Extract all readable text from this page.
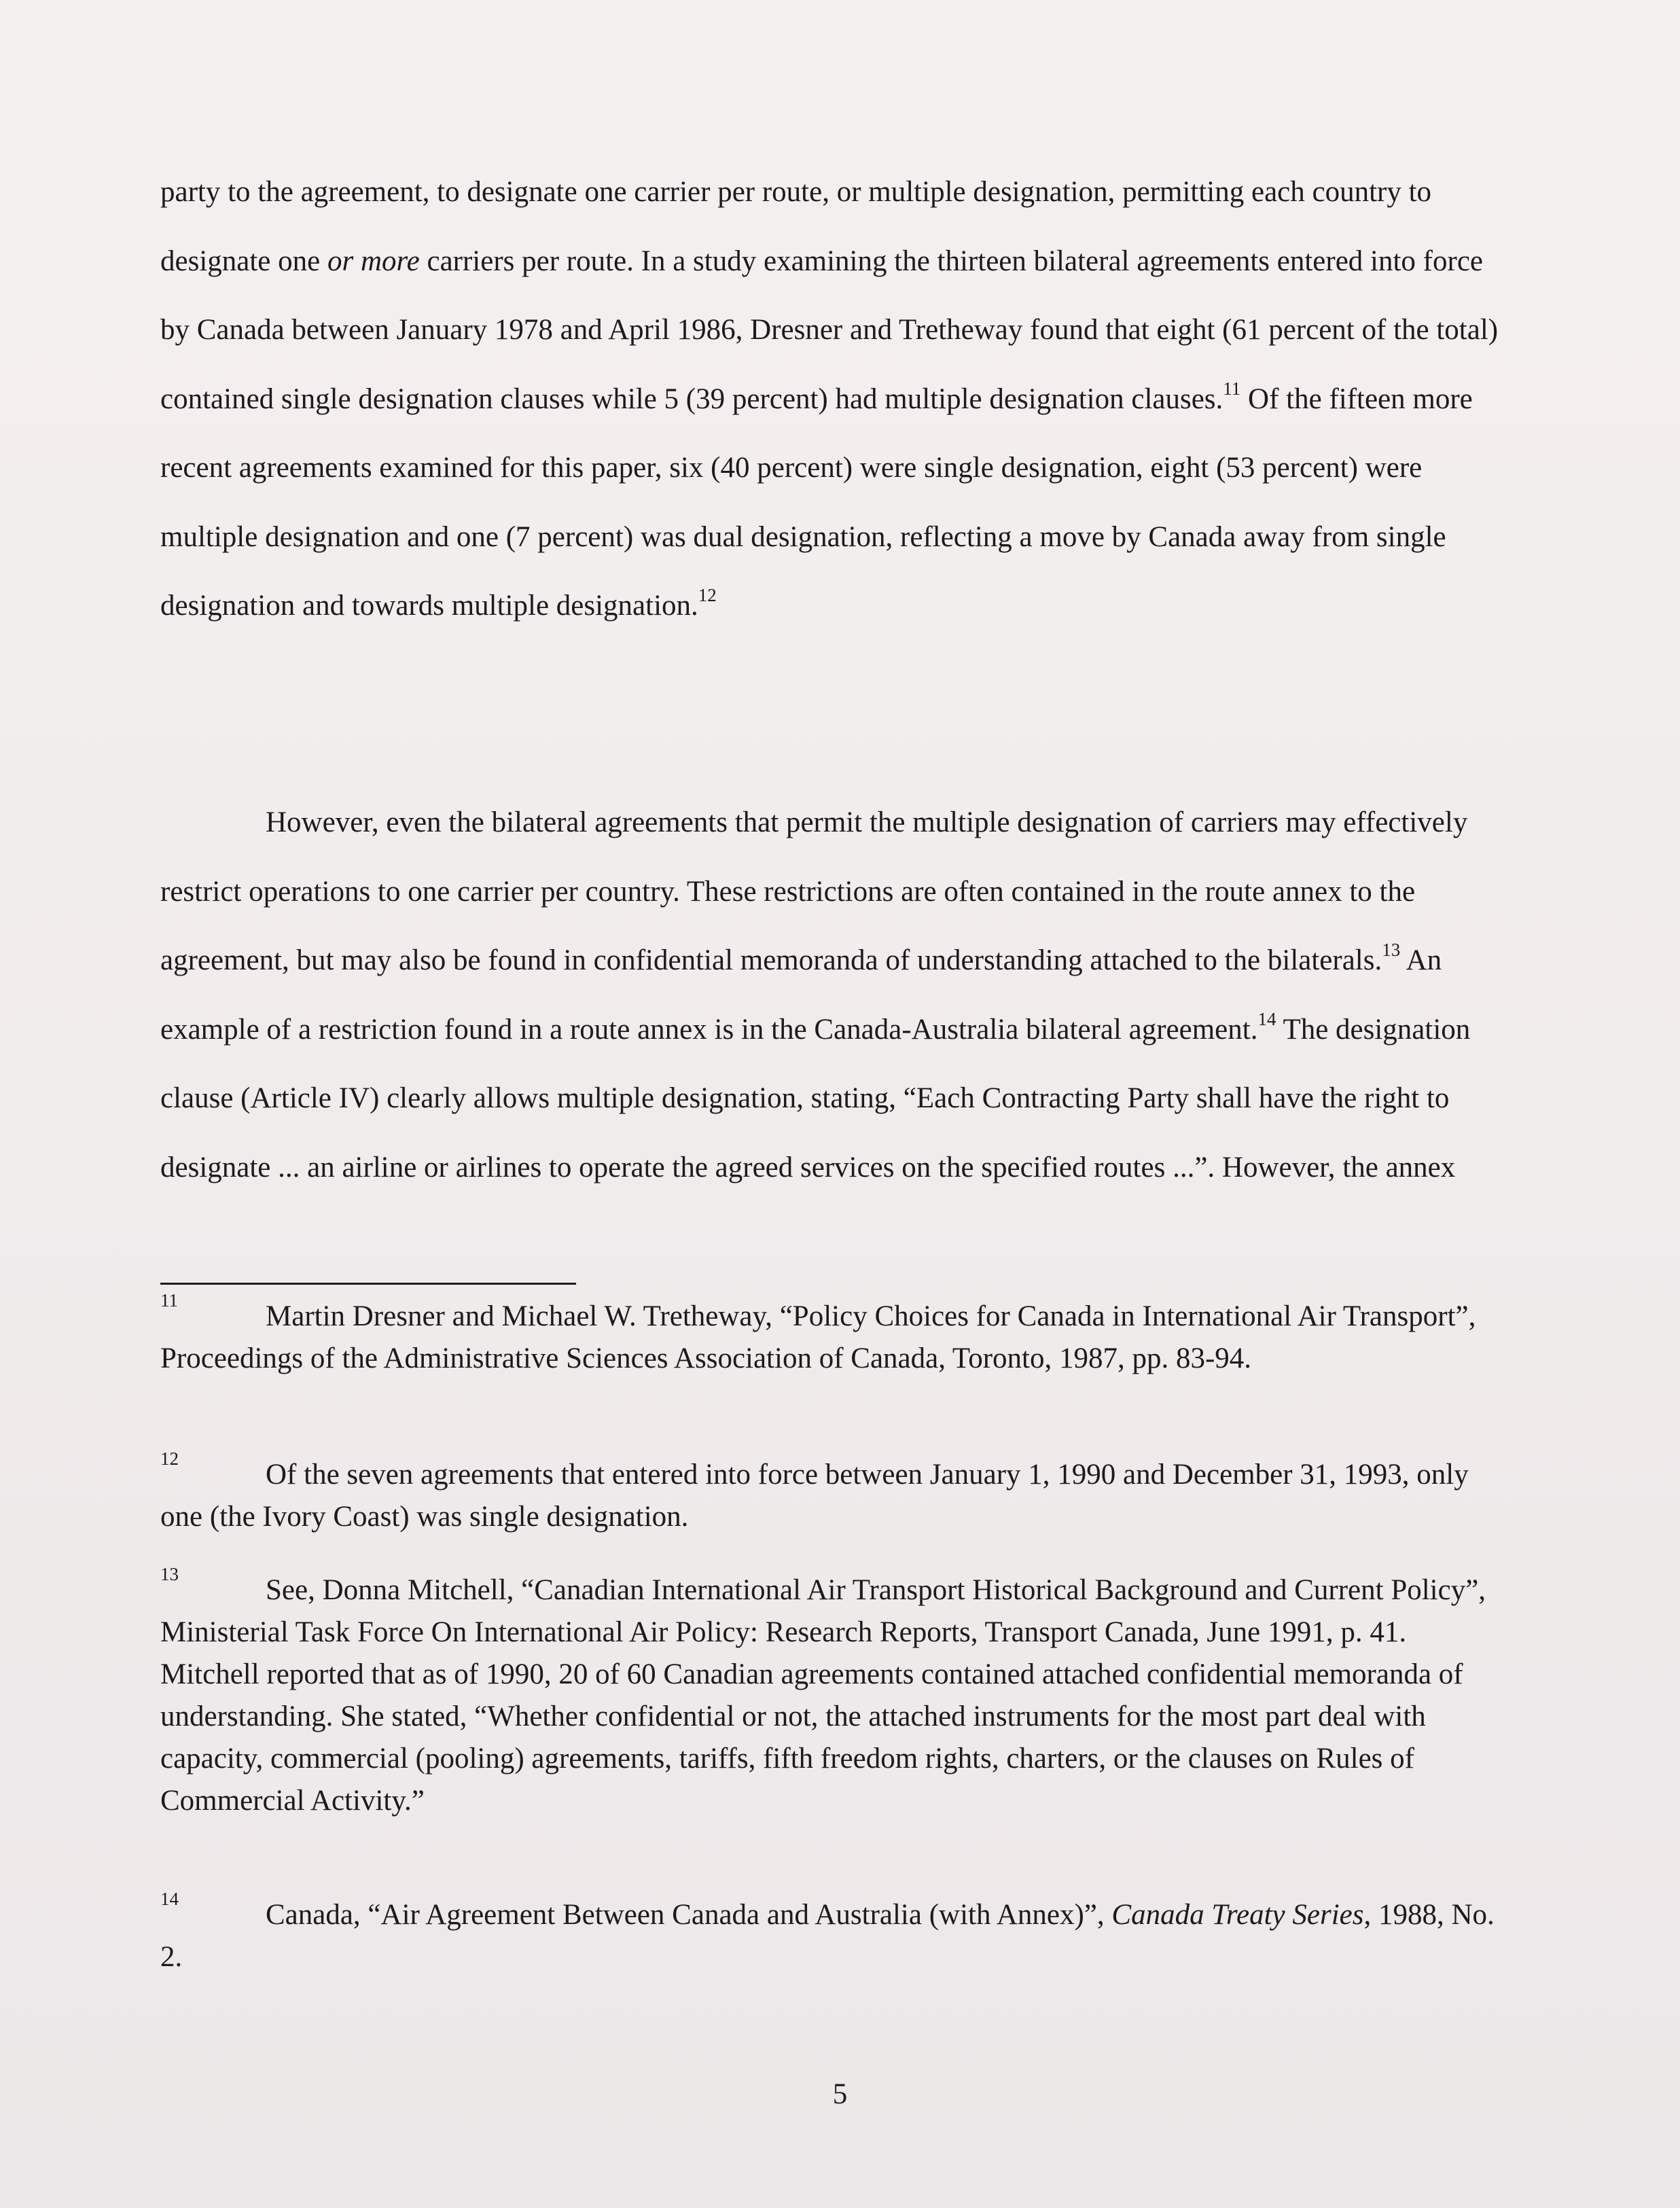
party to the agreement, to designate one carrier per route, or multiple designation, permitting each country to designate one or more carriers per route. In a study examining the thirteen bilateral agreements entered into force by Canada between January 1978 and April 1986, Dresner and Tretheway found that eight (61 percent of the total) contained single designation clauses while 5 (39 percent) had multiple designation clauses.$^{11}$ Of the fifteen more recent agreements examined for this paper, six (40 percent) were single designation, eight (53 percent) were multiple designation and one (7 percent) was dual designation, reflecting a move by Canada away from single designation and towards multiple designation.$^{12}$
However, even the bilateral agreements that permit the multiple designation of carriers may effectively restrict operations to one carrier per country. These restrictions are often contained in the route annex to the agreement, but may also be found in confidential memoranda of understanding attached to the bilaterals.$^{13}$ An example of a restriction found in a route annex is in the Canada-Australia bilateral agreement.$^{14}$ The designation clause (Article IV) clearly allows multiple designation, stating, “Each Contracting Party shall have the right to designate ... an airline or airlines to operate the agreed services on the specified routes ...”. However, the annex
11	Martin Dresner and Michael W. Tretheway, “Policy Choices for Canada in International Air Transport”, Proceedings of the Administrative Sciences Association of Canada, Toronto, 1987, pp. 83-94.
12	Of the seven agreements that entered into force between January 1, 1990 and December 31, 1993, only one (the Ivory Coast) was single designation.
13	See, Donna Mitchell, “Canadian International Air Transport Historical Background and Current Policy”, Ministerial Task Force On International Air Policy: Research Reports, Transport Canada, June 1991, p. 41. Mitchell reported that as of 1990, 20 of 60 Canadian agreements contained attached confidential memoranda of understanding. She stated, “Whether confidential or not, the attached instruments for the most part deal with capacity, commercial (pooling) agreements, tariffs, fifth freedom rights, charters, or the clauses on Rules of Commercial Activity.”
14	Canada, “Air Agreement Between Canada and Australia (with Annex)”, Canada Treaty Series, 1988, No. 2.
5
